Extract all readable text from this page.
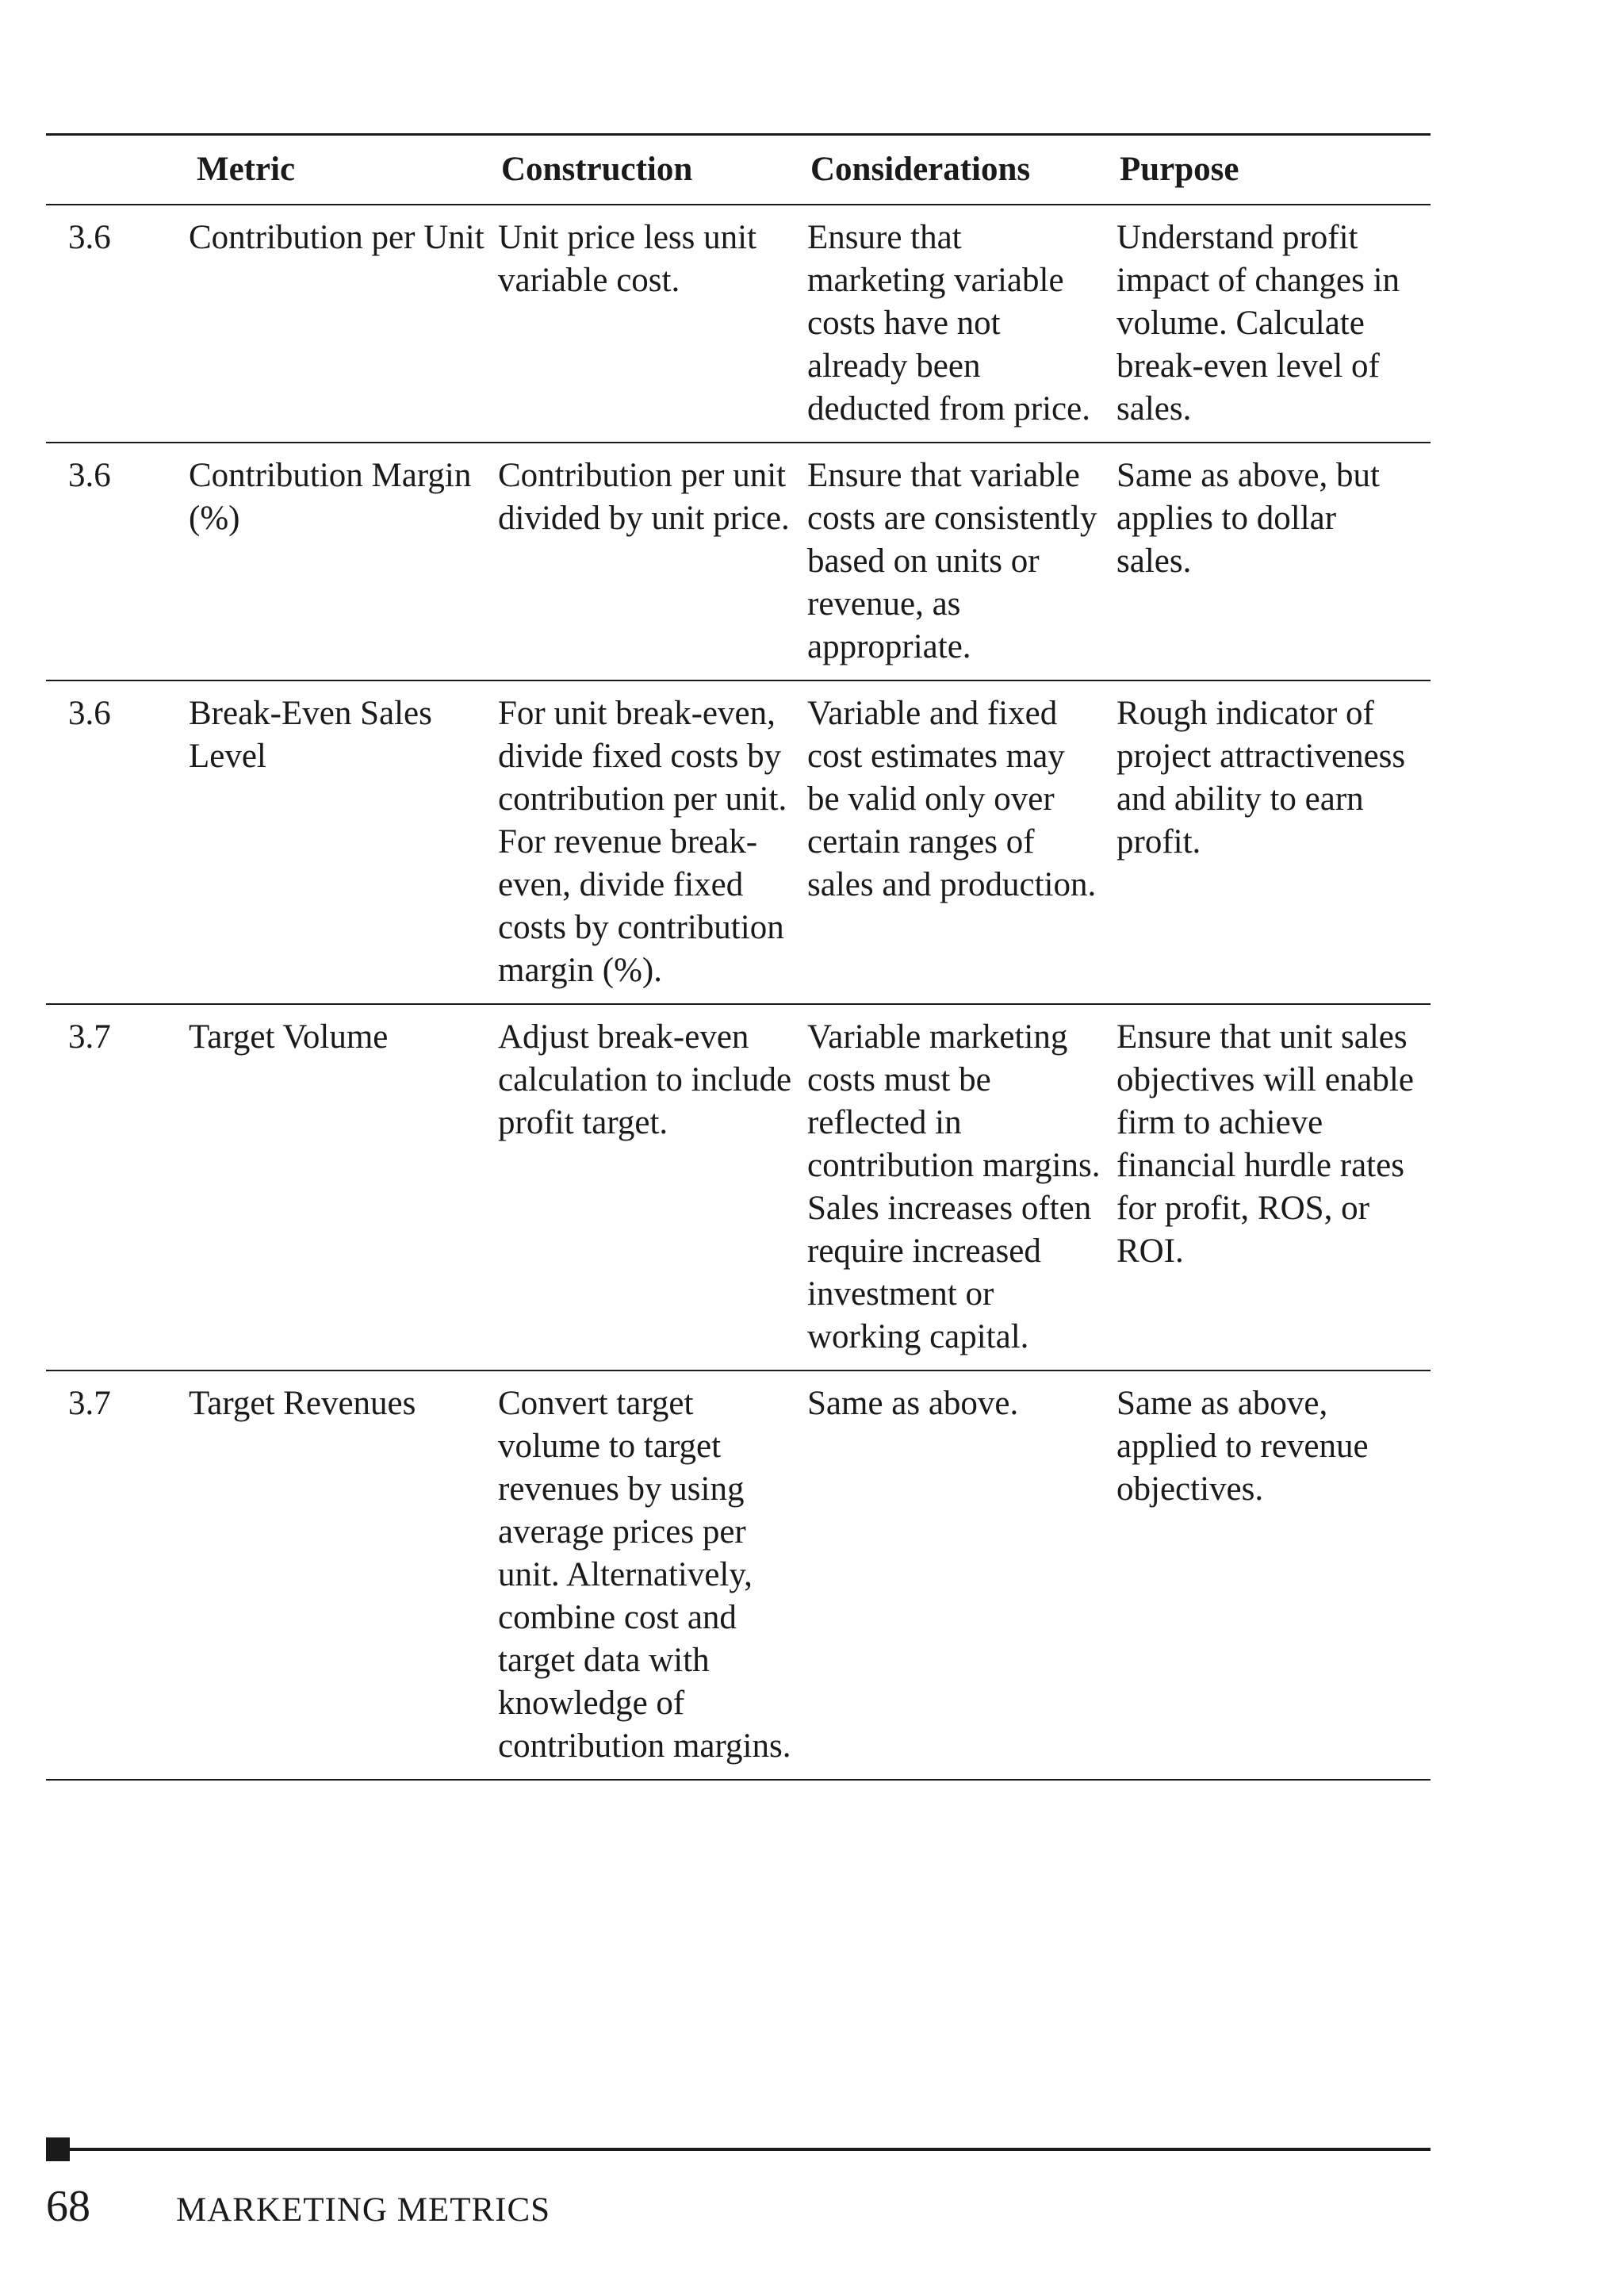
	Metric	Construction	Considerations	Purpose
3.6	Contribution per Unit	Unit price less unit variable cost.	Ensure that marketing variable costs have not already been deducted from price.	Understand profit impact of changes in volume. Calculate break-even level of sales.
3.6	Contribution Margin (%)	Contribution per unit divided by unit price.	Ensure that variable costs are consistently based on units or revenue, as appropriate.	Same as above, but applies to dollar sales.
3.6	Break-Even Sales Level	For unit break-even, divide fixed costs by contribution per unit. For revenue break-even, divide fixed costs by contribution margin (%).	Variable and fixed cost estimates may be valid only over certain ranges of sales and production.	Rough indicator of project attractiveness and ability to earn profit.
3.7	Target Volume	Adjust break-even calculation to include profit target.	Variable marketing costs must be reflected in contribution margins. Sales increases often require increased investment or working capital.	Ensure that unit sales objectives will enable firm to achieve financial hurdle rates for profit, ROS, or ROI.
3.7	Target Revenues	Convert target volume to target revenues by using average prices per unit. Alternatively, combine cost and target data with knowledge of contribution margins.	Same as above.	Same as above, applied to revenue objectives.
68	MARKETING METRICS
